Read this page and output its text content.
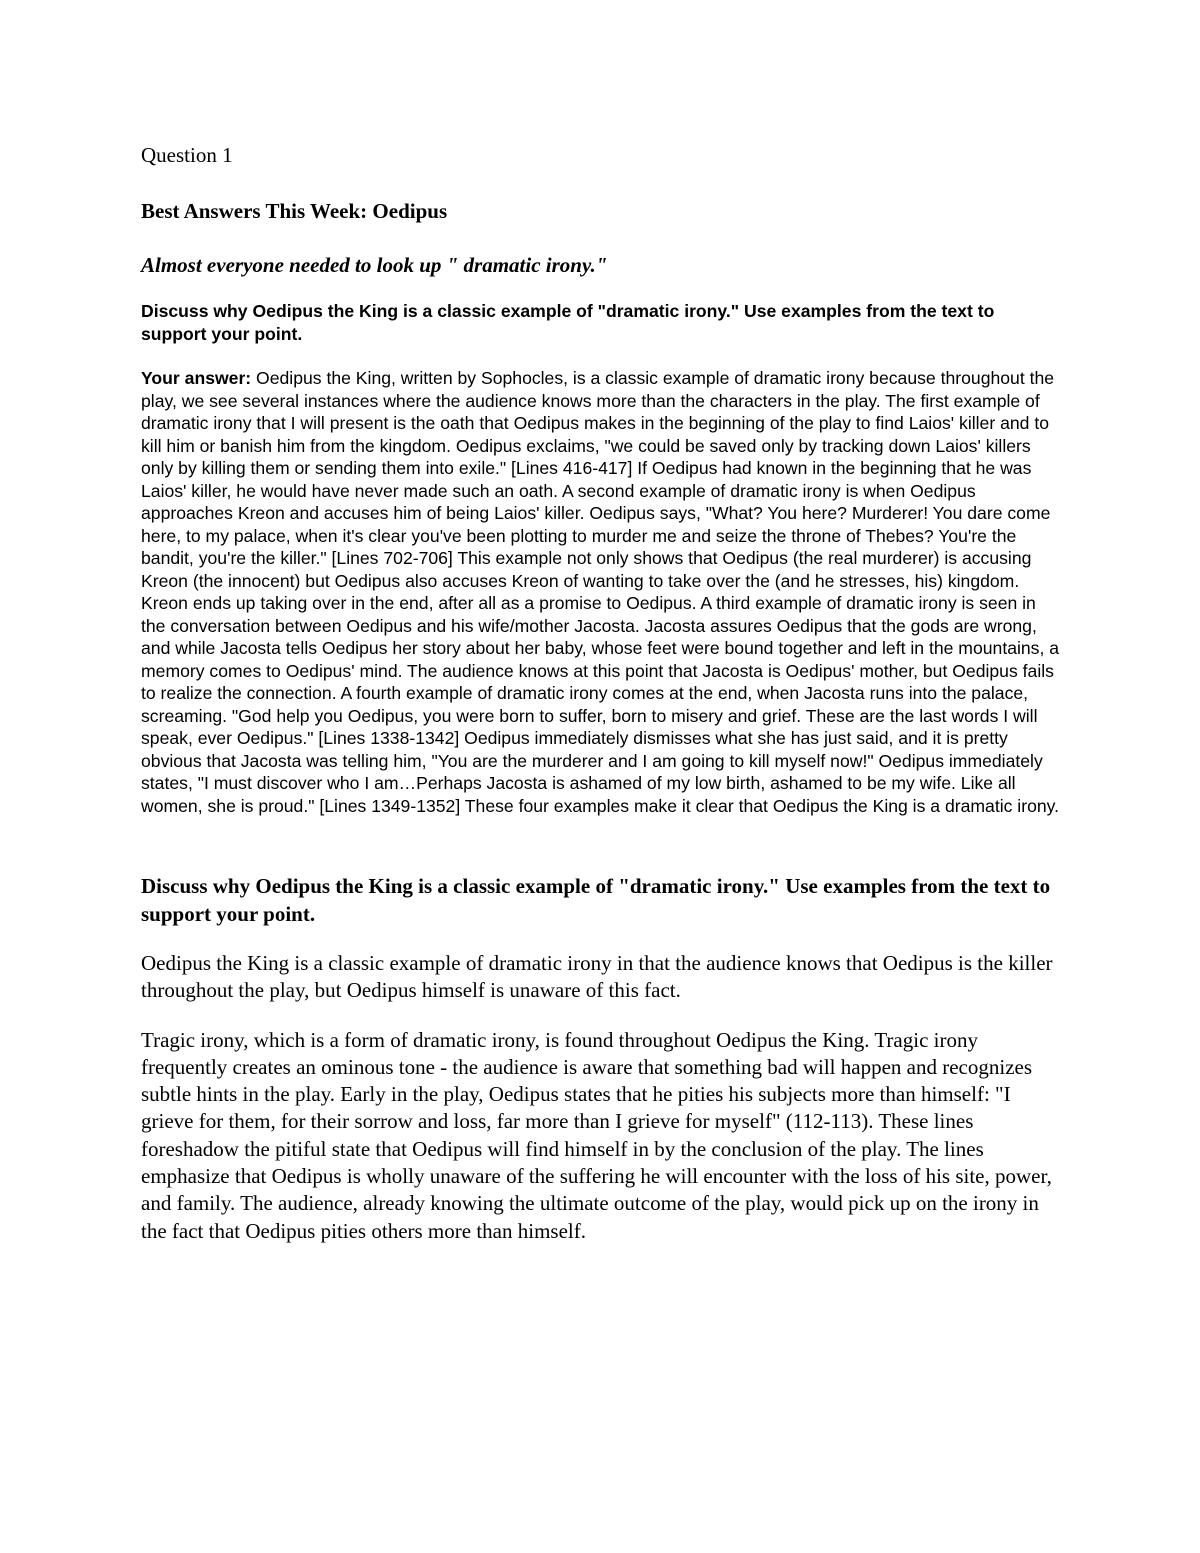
Question 1

Best Answers This Week: Oedipus

Almost everyone needed to look up " dramatic irony."

Discuss why Oedipus the King is a classic example of "dramatic irony." Use examples from the text to support your point.

Your answer: Oedipus the King, written by Sophocles, is a classic example of dramatic irony because throughout the play, we see several instances where the audience knows more than the characters in the play. The first example of dramatic irony that I will present is the oath that Oedipus makes in the beginning of the play to find Laios' killer and to kill him or banish him from the kingdom. Oedipus exclaims, "we could be saved only by tracking down Laios' killers only by killing them or sending them into exile." [Lines 416-417] If Oedipus had known in the beginning that he was Laios' killer, he would have never made such an oath. A second example of dramatic irony is when Oedipus approaches Kreon and accuses him of being Laios' killer. Oedipus says, "What? You here? Murderer! You dare come here, to my palace, when it's clear you've been plotting to murder me and seize the throne of Thebes? You're the bandit, you're the killer." [Lines 702-706] This example not only shows that Oedipus (the real murderer) is accusing Kreon (the innocent) but Oedipus also accuses Kreon of wanting to take over the (and he stresses, his) kingdom. Kreon ends up taking over in the end, after all as a promise to Oedipus. A third example of dramatic irony is seen in the conversation between Oedipus and his wife/mother Jacosta. Jacosta assures Oedipus that the gods are wrong, and while Jacosta tells Oedipus her story about her baby, whose feet were bound together and left in the mountains, a memory comes to Oedipus' mind. The audience knows at this point that Jacosta is Oedipus' mother, but Oedipus fails to realize the connection. A fourth example of dramatic irony comes at the end, when Jacosta runs into the palace, screaming. "God help you Oedipus, you were born to suffer, born to misery and grief. These are the last words I will speak, ever Oedipus." [Lines 1338-1342] Oedipus immediately dismisses what she has just said, and it is pretty obvious that Jacosta was telling him, "You are the murderer and I am going to kill myself now!" Oedipus immediately states, "I must discover who I am…Perhaps Jacosta is ashamed of my low birth, ashamed to be my wife. Like all women, she is proud." [Lines 1349-1352] These four examples make it clear that Oedipus the King is a dramatic irony.

Discuss why Oedipus the King is a classic example of "dramatic irony." Use examples from the text to support your point.

Oedipus the King is a classic example of dramatic irony in that the audience knows that Oedipus is the killer throughout the play, but Oedipus himself is unaware of this fact.

Tragic irony, which is a form of dramatic irony, is found throughout Oedipus the King. Tragic irony frequently creates an ominous tone - the audience is aware that something bad will happen and recognizes subtle hints in the play. Early in the play, Oedipus states that he pities his subjects more than himself: "I grieve for them, for their sorrow and loss, far more than I grieve for myself" (112-113). These lines foreshadow the pitiful state that Oedipus will find himself in by the conclusion of the play. The lines emphasize that Oedipus is wholly unaware of the suffering he will encounter with the loss of his site, power, and family. The audience, already knowing the ultimate outcome of the play, would pick up on the irony in the fact that Oedipus pities others more than himself.
